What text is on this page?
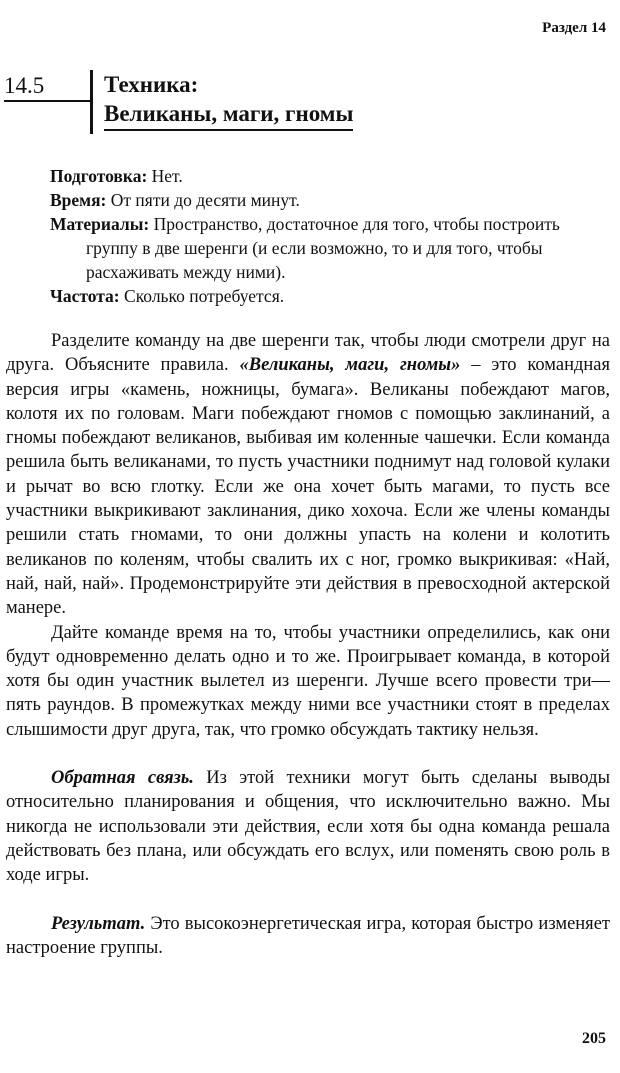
Раздел 14
14.5	Техника:
Великаны, маги, гномы

Подготовка: Нет.

Время: От пяти до десяти минут.

Материалы: Пространство, достаточное для того, чтобы построить группу в две шеренги (и если возможно, то и для того, чтобы расхаживать между ними).

Частота: Сколько потребуется.

Разделите команду на две шеренги так, чтобы люди смотрели друг на друга. Объясните правила. «Великаны, маги, гномы» – это командная версия игры «камень, ножницы, бумага». Великаны побеждают магов, колотя их по головам. Маги побеждают гномов с помощью заклинаний, а гномы побеждают великанов, выбивая им коленные чашечки. Если команда решила быть великанами, то пусть участники поднимут над головой кулаки и рычат во всю глотку. Если же она хочет быть магами, то пусть все участники выкрикивают заклинания, дико хохоча. Если же члены команды решили стать гномами, то они должны упасть на колени и колотить великанов по коленям, чтобы свалить их с ног, громко выкрикивая: «Най, най, най, най». Продемонстрируйте эти действия в превосходной актерской манере.

Дайте команде время на то, чтобы участники определились, как они будут одновременно делать одно и то же. Проигрывает команда, в которой хотя бы один участник вылетел из шеренги. Лучше всего провести три—пять раундов. В промежутках между ними все участники стоят в пределах слышимости друг друга, так, что громко обсуждать тактику нельзя.

Обратная связь. Из этой техники могут быть сделаны выводы относительно планирования и общения, что исключительно важно. Мы никогда не использовали эти действия, если хотя бы одна команда решала действовать без плана, или обсуждать его вслух, или поменять свою роль в ходе игры.

Результат. Это высокоэнергетическая игра, которая быстро изменяет настроение группы.

205
